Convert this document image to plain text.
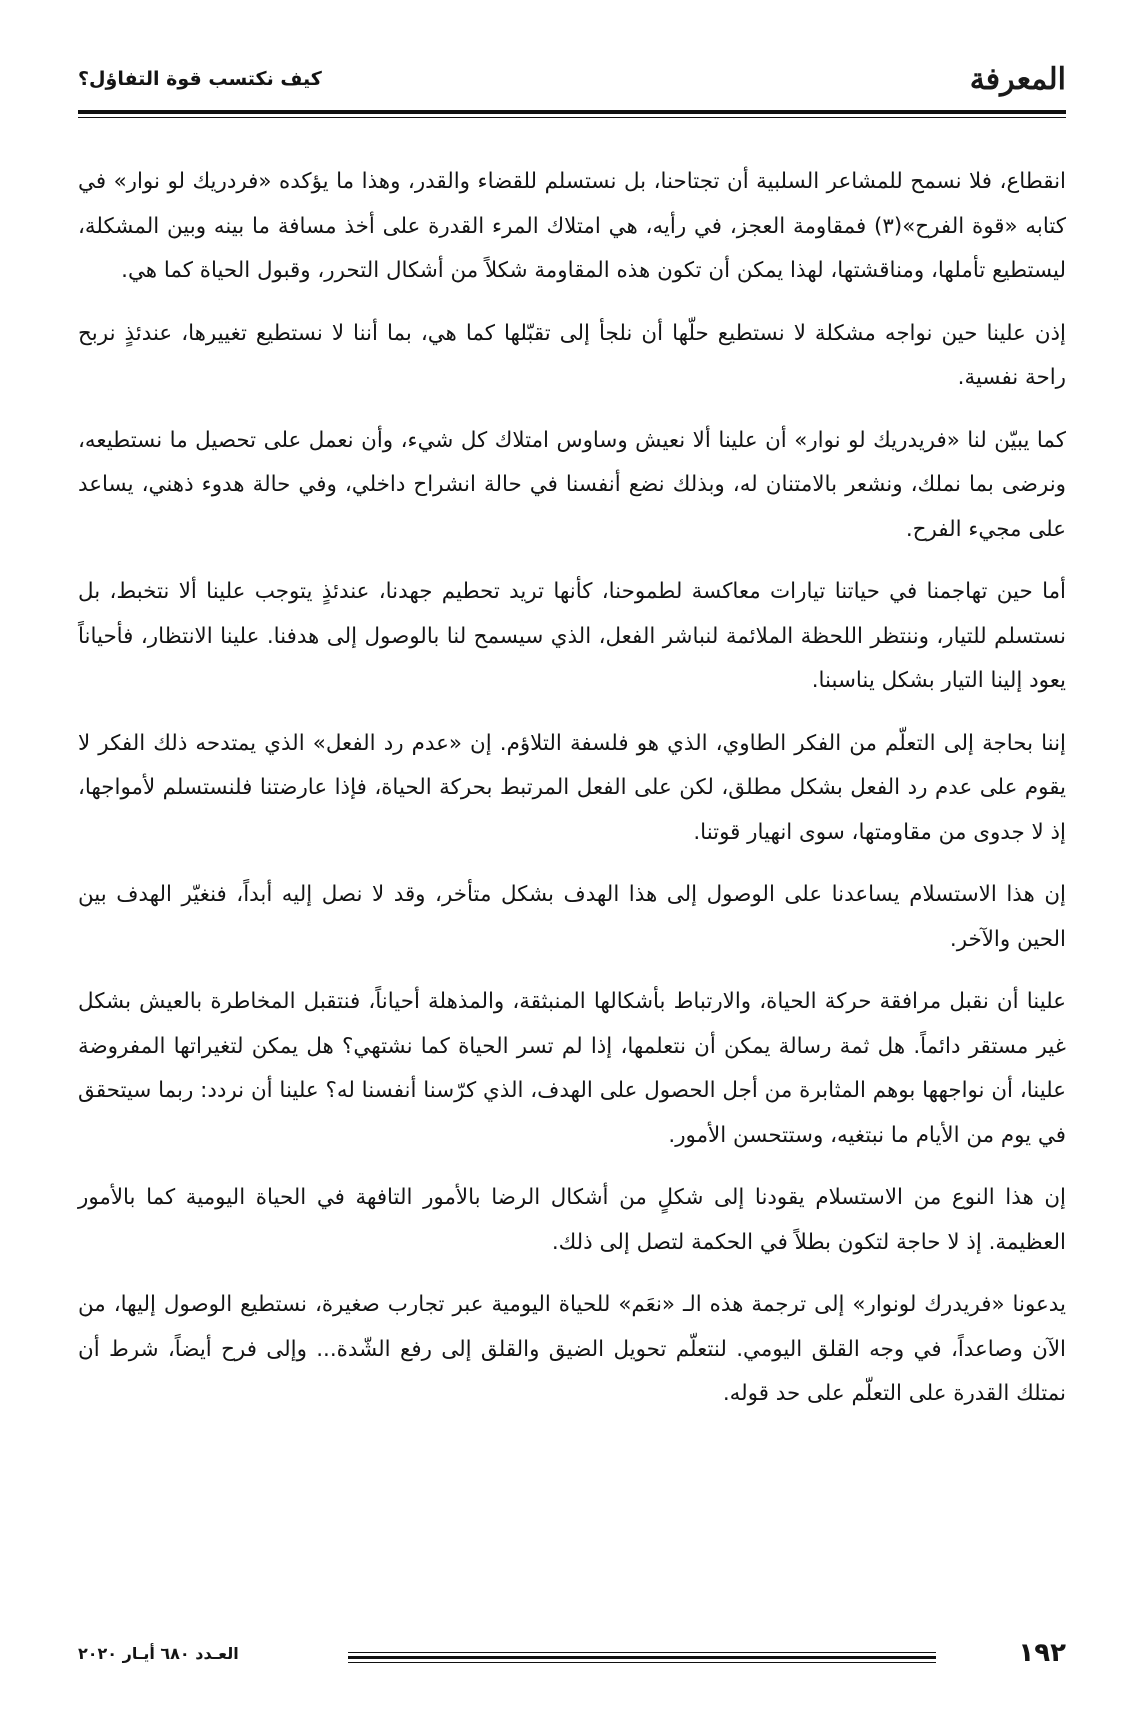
المعرفة
كيف نكتسب قوة التفاؤل؟

انقطاع، فلا نسمح للمشاعر السلبية أن تجتاحنا، بل نستسلم للقضاء والقدر، وهذا ما يؤكده «فردريك لو نوار» في كتابه «قوة الفرح»(٣) فمقاومة العجز، في رأيه، هي امتلاك المرء القدرة على أخذ مسافة ما بينه وبين المشكلة، ليستطيع تأملها، ومناقشتها، لهذا يمكن أن تكون هذه المقاومة شكلاً من أشكال التحرر، وقبول الحياة كما هي.

إذن علينا حين نواجه مشكلة لا نستطيع حلّها أن نلجأ إلى تقبّلها كما هي، بما أننا لا نستطيع تغييرها، عندئذٍ نربح راحة نفسية.

كما يبيّن لنا «فريدريك لو نوار» أن علينا ألا نعيش وساوس امتلاك كل شيء، وأن نعمل على تحصيل ما نستطيعه، ونرضى بما نملك، ونشعر بالامتنان له، وبذلك نضع أنفسنا في حالة انشراح داخلي، وفي حالة هدوء ذهني، يساعد على مجيء الفرح.

أما حين تهاجمنا في حياتنا تيارات معاكسة لطموحنا، كأنها تريد تحطيم جهدنا، عندئذٍ يتوجب علينا ألا نتخبط، بل نستسلم للتيار، وننتظر اللحظة الملائمة لنباشر الفعل، الذي سيسمح لنا بالوصول إلى هدفنا. علينا الانتظار، فأحياناً يعود إلينا التيار بشكل يناسبنا.

إننا بحاجة إلى التعلّم من الفكر الطاوي، الذي هو فلسفة التلاؤم. إن «عدم رد الفعل» الذي يمتدحه ذلك الفكر لا يقوم على عدم رد الفعل بشكل مطلق، لكن على الفعل المرتبط بحركة الحياة، فإذا عارضتنا فلنستسلم لأمواجها، إذ لا جدوى من مقاومتها، سوى انهيار قوتنا.

إن هذا الاستسلام يساعدنا على الوصول إلى هذا الهدف بشكل متأخر، وقد لا نصل إليه أبداً، فنغيّر الهدف بين الحين والآخر.

علينا أن نقبل مرافقة حركة الحياة، والارتباط بأشكالها المنبثقة، والمذهلة أحياناً، فنتقبل المخاطرة بالعيش بشكل غير مستقر دائماً. هل ثمة رسالة يمكن أن نتعلمها، إذا لم تسر الحياة كما نشتهي؟ هل يمكن لتغيراتها المفروضة علينا، أن نواجهها بوهم المثابرة من أجل الحصول على الهدف، الذي كرّسنا أنفسنا له؟ علينا أن نردد: ربما سيتحقق في يوم من الأيام ما نبتغيه، وستتحسن الأمور.

إن هذا النوع من الاستسلام يقودنا إلى شكلٍ من أشكال الرضا بالأمور التافهة في الحياة اليومية كما بالأمور العظيمة. إذ لا حاجة لتكون بطلاً في الحكمة لتصل إلى ذلك.

يدعونا «فريدرك لونوار» إلى ترجمة هذه الـ «نعَم» للحياة اليومية عبر تجارب صغيرة، نستطيع الوصول إليها، من الآن وصاعداً، في وجه القلق اليومي. لنتعلّم تحويل الضيق والقلق إلى رفع الشّدة... وإلى فرح أيضاً، شرط أن نمتلك القدرة على التعلّم على حد قوله.

١٩٢
العـدد ٦٨٠ أيـار ٢٠٢٠
